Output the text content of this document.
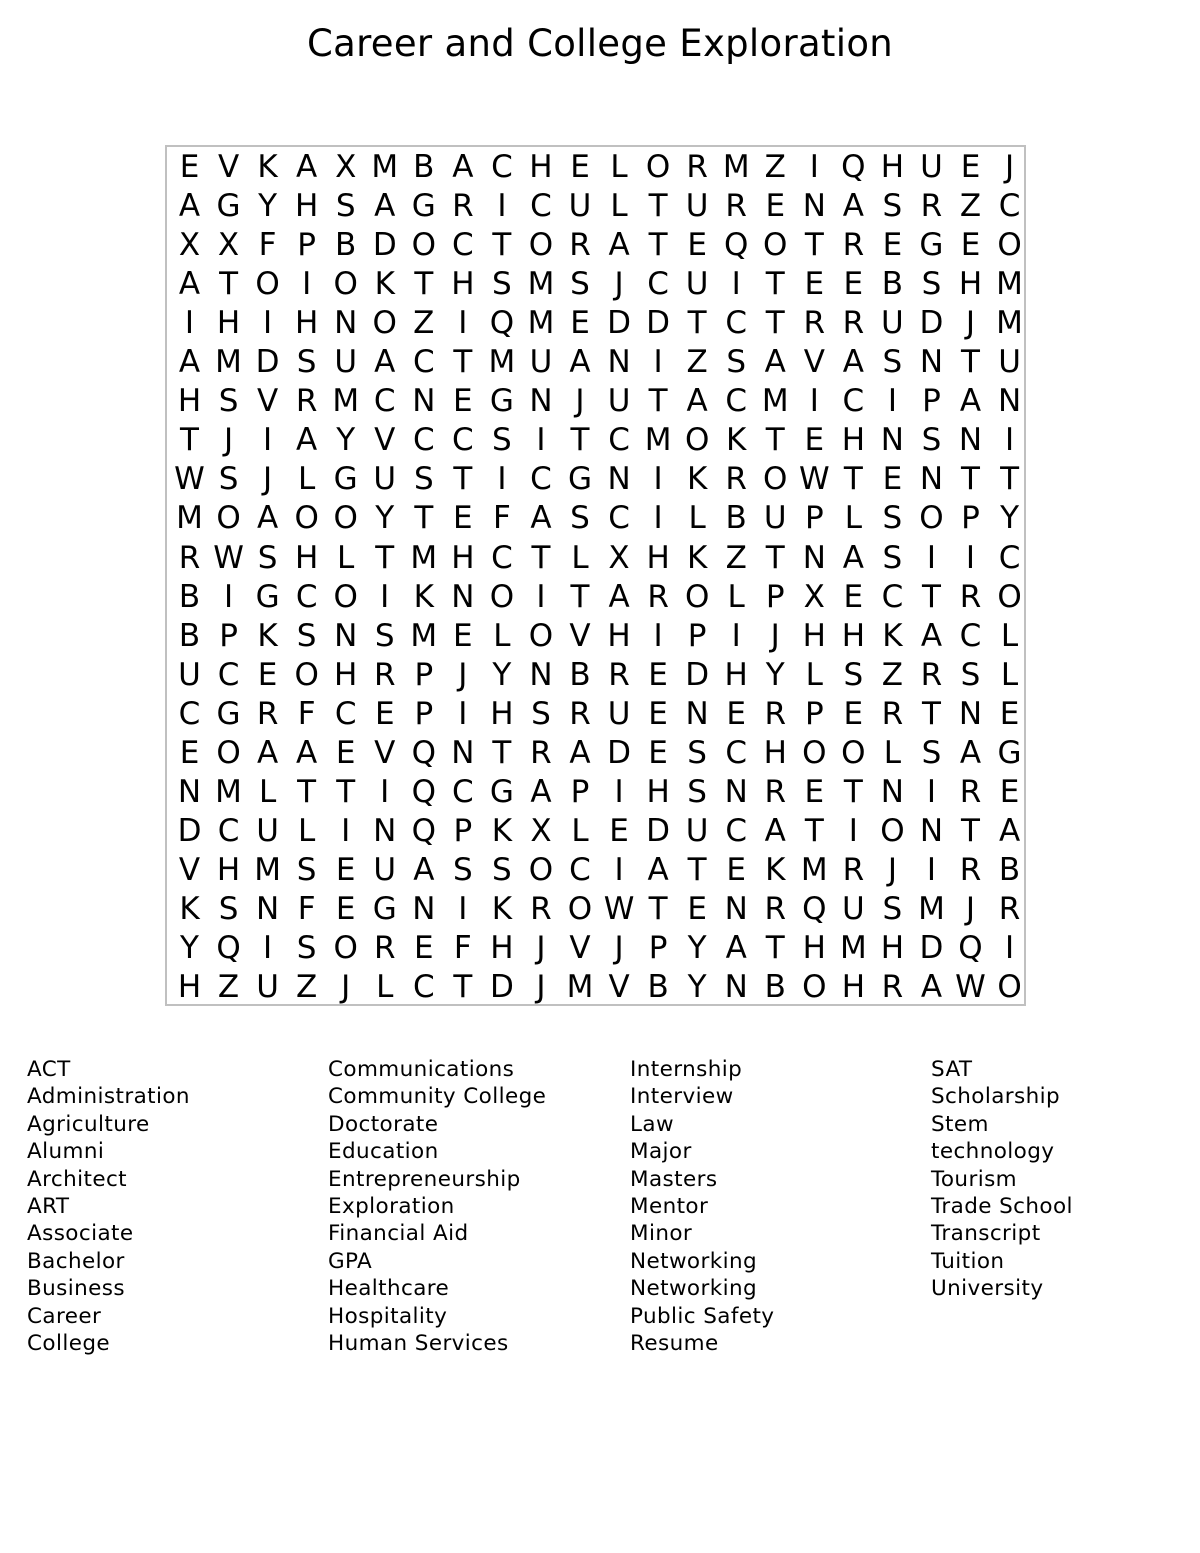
Career and College Exploration
E V K A X M B A C H E L O R M Z I Q H U E J
A G Y H S A G R I C U L T U R E N A S R Z C
X X F P B D O C T O R A T E Q O T R E G E O
A T O I O K T H S M S J C U I T E E B S H M
I H I H N O Z I Q M E D D T C T R R U D J M
A M D S U A C T M U A N I Z S A V A S N T U
H S V R M C N E G N J U T A C M I C I P A N
T J I A Y V C C S I T C M O K T E H N S N I
W S J L G U S T I C G N I K R O W T E N T T
M O A O O Y T E F A S C I L B U P L S O P Y
R W S H L T M H C T L X H K Z T N A S I I C
B I G C O I K N O I T A R O L P X E C T R O
B P K S N S M E L O V H I P I J H H K A C L
U C E O H R P J Y N B R E D H Y L S Z R S L
C G R F C E P I H S R U E N E R P E R T N E
E O A A E V Q N T R A D E S C H O O L S A G
N M L T T I Q C G A P I H S N R E T N I R E
D C U L I N Q P K X L E D U C A T I O N T A
V H M S E U A S S O C I A T E K M R J I R B
K S N F E G N I K R O W T E N R Q U S M J R
Y Q I S O R E F H J V J P Y A T H M H D Q I
H Z U Z J L C T D J M V B Y N B O H R A W O
ACT
Administration
Agriculture
Alumni
Architect
ART
Associate
Bachelor
Business
Career
College
Communications
Community College
Doctorate
Education
Entrepreneurship
Exploration
Financial Aid
GPA
Healthcare
Hospitality
Human Services
Internship
Interview
Law
Major
Masters
Mentor
Minor
Networking
Networking
Public Safety
Resume
SAT
Scholarship
Stem
technology
Tourism
Trade School
Transcript
Tuition
University
